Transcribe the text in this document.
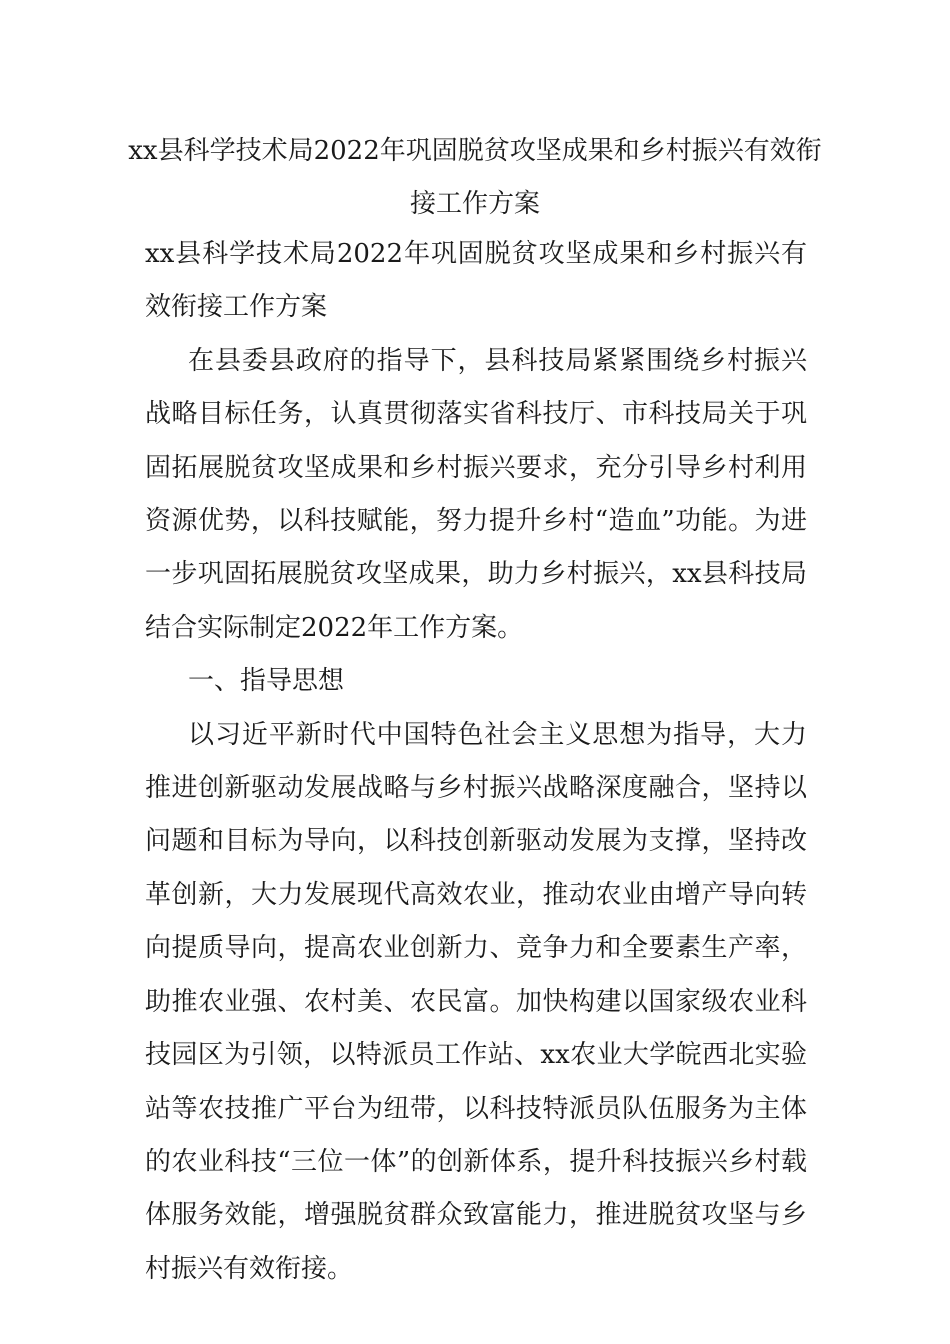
xx县科学技术局2022年巩固脱贫攻坚成果和乡村振兴有效衔接工作方案

xx县科学技术局2022年巩固脱贫攻坚成果和乡村振兴有效衔接工作方案

在县委县政府的指导下，县科技局紧紧围绕乡村振兴战略目标任务，认真贯彻落实省科技厅、市科技局关于巩固拓展脱贫攻坚成果和乡村振兴要求，充分引导乡村利用资源优势，以科技赋能，努力提升乡村“造血”功能。为进一步巩固拓展脱贫攻坚成果，助力乡村振兴，xx县科技局结合实际制定2022年工作方案。

一、指导思想

以习近平新时代中国特色社会主义思想为指导，大力推进创新驱动发展战略与乡村振兴战略深度融合，坚持以问题和目标为导向，以科技创新驱动发展为支撑，坚持改革创新，大力发展现代高效农业，推动农业由增产导向转向提质导向，提高农业创新力、竞争力和全要素生产率，助推农业强、农村美、农民富。加快构建以国家级农业科技园区为引领，以特派员工作站、xx农业大学皖西北实验站等农技推广平台为纽带，以科技特派员队伍服务为主体的农业科技“三位一体”的创新体系，提升科技振兴乡村载体服务效能，增强脱贫群众致富能力，推进脱贫攻坚与乡村振兴有效衔接。
